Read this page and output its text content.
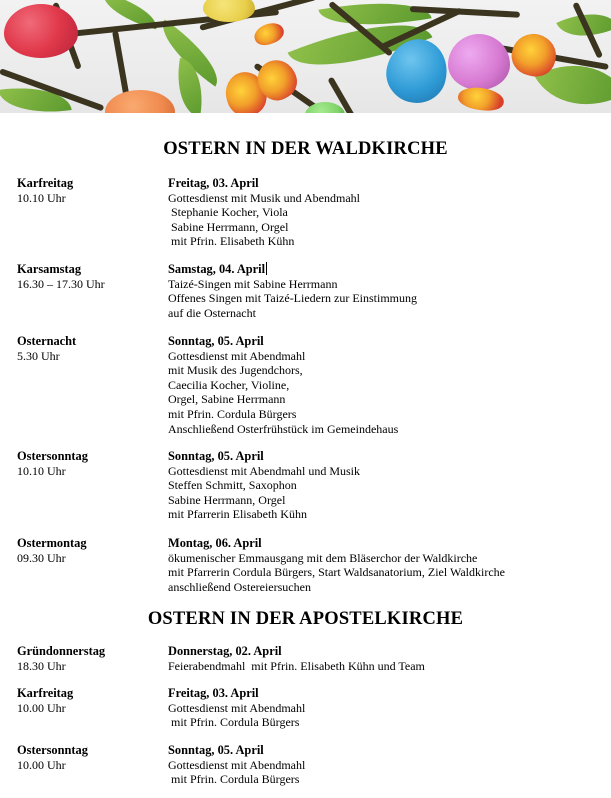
OSTERN IN DER WALDKIRCHE
Karfreitag
10.10 Uhr
Freitag, 03. April
Gottesdienst mit Musik und Abendmahl
Stephanie Kocher, Viola
Sabine Herrmann, Orgel
mit Pfrin. Elisabeth Kühn
Karsamstag
16.30 – 17.30 Uhr
Samstag, 04. April
Taizé-Singen mit Sabine Herrmann
Offenes Singen mit Taizé-Liedern zur Einstimmung
auf die Osternacht
Osternacht
5.30 Uhr
Sonntag, 05. April
Gottesdienst mit Abendmahl
mit Musik des Jugendchors,
Caecilia Kocher, Violine,
Orgel, Sabine Herrmann
mit Pfrin. Cordula Bürgers
Anschließend Osterfrühstück im Gemeindehaus
Ostersonntag
10.10 Uhr
Sonntag, 05. April
Gottesdienst mit Abendmahl und Musik
Steffen Schmitt, Saxophon
Sabine Herrmann, Orgel
mit Pfarrerin Elisabeth Kühn
Ostermontag
09.30 Uhr
Montag, 06. April
ökumenischer Emmausgang mit dem Bläserchor der Waldkirche
mit Pfarrerin Cordula Bürgers, Start Waldsanatorium, Ziel Waldkirche
anschließend Ostereiersuchen
OSTERN IN DER APOSTELKIRCHE
Gründonnerstag
18.30 Uhr
Donnerstag, 02. April
Feierabendmahl  mit Pfrin. Elisabeth Kühn und Team
Karfreitag
10.00 Uhr
Freitag, 03. April
Gottesdienst mit Abendmahl
mit Pfrin. Cordula Bürgers
Ostersonntag
10.00 Uhr
Sonntag, 05. April
Gottesdienst mit Abendmahl
mit Pfrin. Cordula Bürgers
